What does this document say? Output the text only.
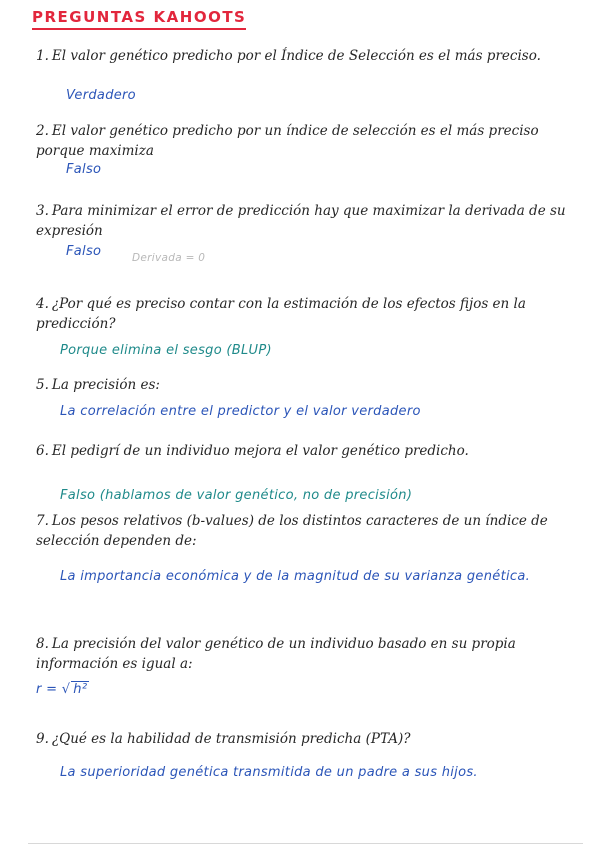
PREGUNTAS KAHOOTS
1. El valor genético predicho por el Índice de Selección es el más preciso.
Verdadero
2. El valor genético predicho por un índice de selección es el más preciso porque maximiza
Falso
3. Para minimizar el error de predicción hay que maximizar la derivada de su expresión
Falso	Derivada = 0
4. ¿Por qué es preciso contar con la estimación de los efectos fijos en la predicción?
Porque elimina el sesgo (BLUP)
5. La precisión es:
La correlación entre el predictor y el valor verdadero
6. El pedigrí de un individuo mejora el valor genético predicho.
Falso (hablamos de valor genético, no de precisión)
7. Los pesos relativos (b-values) de los distintos caracteres de un índice de selección dependen de:
La importancia económica y de la magnitud de su varianza genética.
8. La precisión del valor genético de un individuo basado en su propia información es igual a:
r = √ h²
9. ¿Qué es la habilidad de transmisión predicha (PTA)?
La superioridad genética transmitida de un padre a sus hijos.
